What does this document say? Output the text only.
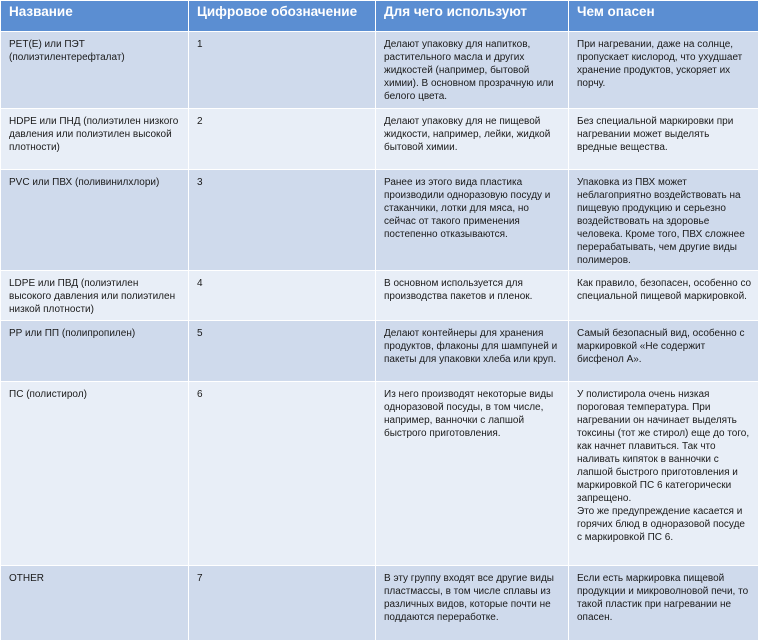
Название	Цифровое обозначение	Для чего используют	Чем опасен

PET(E) или ПЭТ (полиэтилентерефталат)	1	Делают упаковку для напитков, растительного масла и других жидкостей (например, бытовой химии). В основном прозрачную или белого цвета.	При нагревании, даже на солнце, пропускает кислород, что ухудшает хранение продуктов, ускоряет их порчу.

HDPE или ПНД (полиэтилен низкого давления или полиэтилен высокой плотности)	2	Делают упаковку для не пищевой жидкости, например, лейки, жидкой бытовой химии.	Без специальной маркировки при нагревании может выделять вредные вещества.

PVC или ПВХ (поливинилхлори)	3	Ранее из этого вида пластика производили одноразовую посуду и стаканчики, лотки для мяса, но сейчас от такого применения постепенно отказываются.	Упаковка из ПВХ может неблагоприятно воздействовать на пищевую продукцию и серьезно воздействовать на здоровье человека. Кроме того, ПВХ сложнее перерабатывать, чем другие виды полимеров.

LDPE или ПВД (полиэтилен высокого давления или полиэтилен низкой плотности)	4	В основном используется для производства пакетов и пленок.	Как правило, безопасен, особенно со специальной пищевой маркировкой.

PP или ПП (полипропилен)	5	Делают контейнеры для хранения продуктов, флаконы для шампуней и пакеты для упаковки хлеба или круп.	Самый безопасный вид, особенно с маркировкой «Не содержит бисфенол А».

ПС (полистирол)	6	Из него производят некоторые виды одноразовой посуды, в том числе, например, ванночки с лапшой быстрого приготовления.	У полистирола очень низкая пороговая температура. При нагревании он начинает выделять токсины (тот же стирол) еще до того, как начнет плавиться. Так что наливать кипяток в ванночки с лапшой быстрого приготовления и маркировкой ПС 6 категорически запрещено.
Это же предупреждение касается и горячих блюд в одноразовой посуде с маркировкой ПС 6.

OTHER	7	В эту группу входят все другие виды пластмассы, в том числе сплавы из различных видов, которые почти не поддаются переработке.	Если есть маркировка пищевой продукции и микроволновой печи, то такой пластик при нагревании не опасен.
